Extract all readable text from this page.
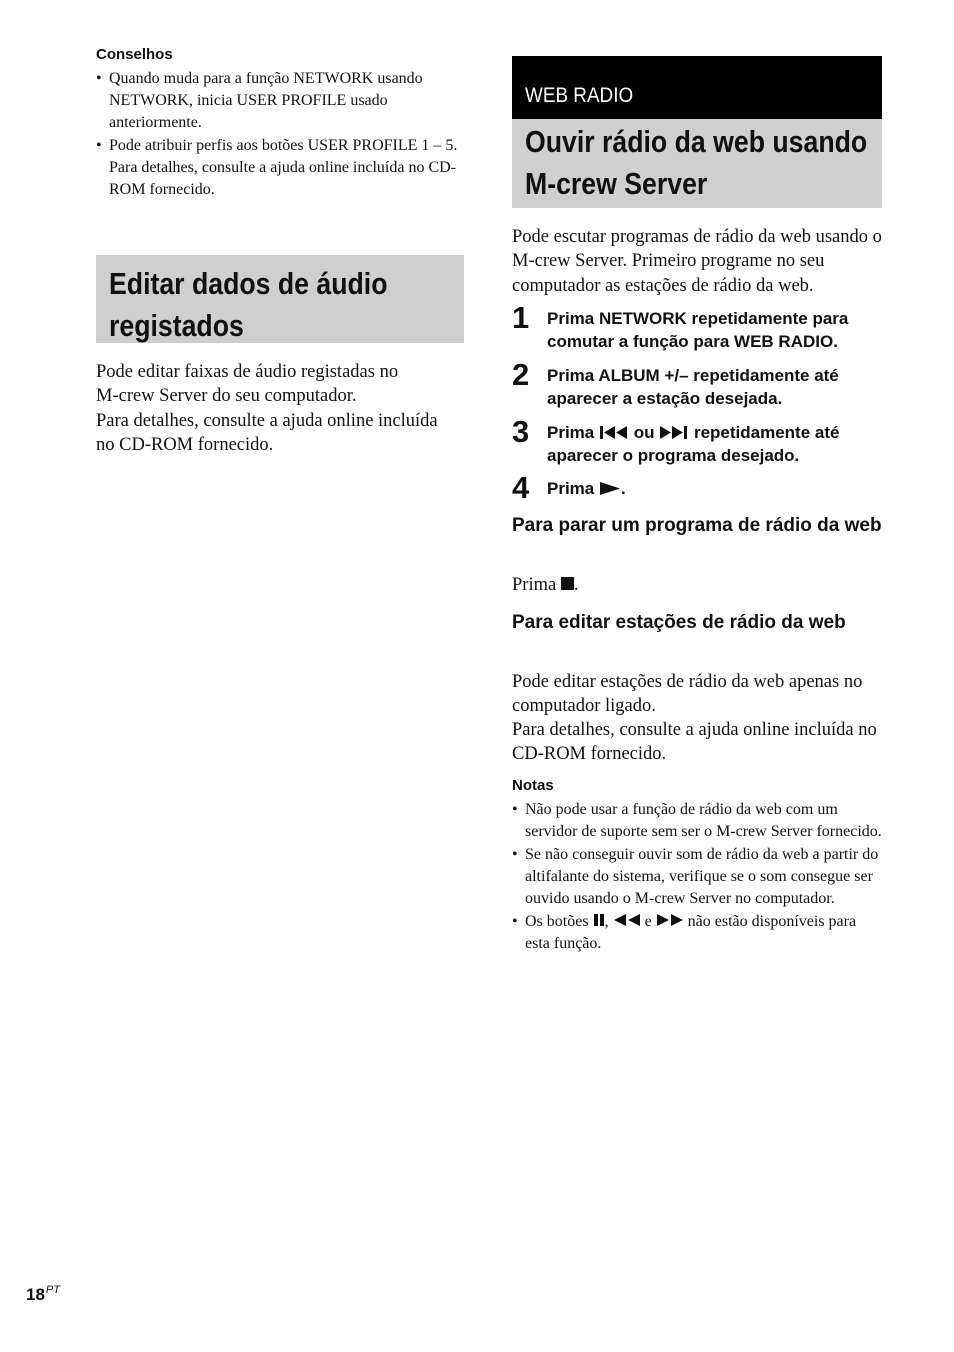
Conselhos
• Quando muda para a função NETWORK usando NETWORK, inicia USER PROFILE usado anteriormente.
• Pode atribuir perfis aos botões USER PROFILE 1 – 5. Para detalhes, consulte a ajuda online incluída no CD-ROM fornecido.
Editar dados de áudio
registados
Pode editar faixas de áudio registadas no
M-crew Server do seu computador.
Para detalhes, consulte a ajuda online incluída
no CD-ROM fornecido.
WEB RADIO
Ouvir rádio da web usando
M-crew Server
Pode escutar programas de rádio da web usando o M-crew Server. Primeiro programe no seu computador as estações de rádio da web.
1 Prima NETWORK repetidamente para comutar a função para WEB RADIO.
2 Prima ALBUM +/– repetidamente até aparecer a estação desejada.
3 Prima ou repetidamente até aparecer o programa desejado.
4 Prima .
Para parar um programa de rádio da web
Prima .
Para editar estações de rádio da web
Pode editar estações de rádio da web apenas no computador ligado.
Para detalhes, consulte a ajuda online incluída no CD-ROM fornecido.
Notas
• Não pode usar a função de rádio da web com um servidor de suporte sem ser o M-crew Server fornecido.
• Se não conseguir ouvir som de rádio da web a partir do altifalante do sistema, verifique se o som consegue ser ouvido usando o M-crew Server no computador.
• Os botões , e não estão disponíveis para esta função.
$18^{PT}$
